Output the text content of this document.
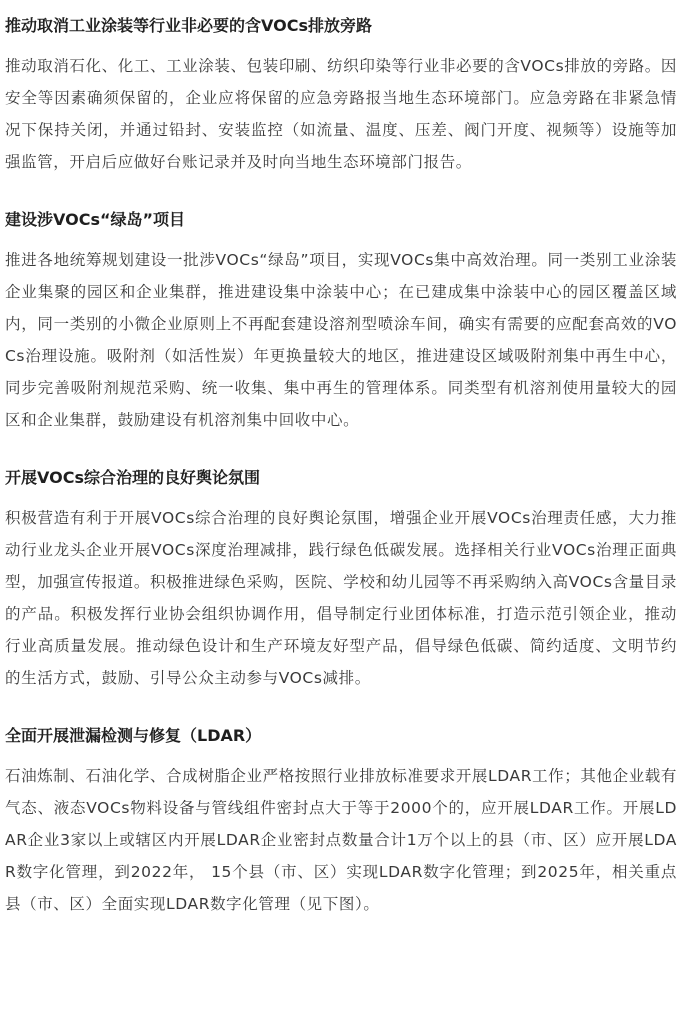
推动取消工业涂装等行业非必要的含VOCs排放旁路

推动取消石化、化工、工业涂装、包装印刷、纺织印染等行业非必要的含VOCs排放的旁路。因安全等因素确须保留的，企业应将保留的应急旁路报当地生态环境部门。应急旁路在非紧急情况下保持关闭，并通过铅封、安装监控（如流量、温度、压差、阀门开度、视频等）设施等加强监管，开启后应做好台账记录并及时向当地生态环境部门报告。

建设涉VOCs“绿岛”项目

推进各地统筹规划建设一批涉VOCs“绿岛”项目，实现VOCs集中高效治理。同一类别工业涂装企业集聚的园区和企业集群，推进建设集中涂装中心；在已建成集中涂装中心的园区覆盖区域内，同一类别的小微企业原则上不再配套建设溶剂型喷涂车间，确实有需要的应配套高效的VOCs治理设施。吸附剂（如活性炭）年更换量较大的地区，推进建设区域吸附剂集中再生中心，同步完善吸附剂规范采购、统一收集、集中再生的管理体系。同类型有机溶剂使用量较大的园区和企业集群，鼓励建设有机溶剂集中回收中心。

开展VOCs综合治理的良好舆论氛围

积极营造有利于开展VOCs综合治理的良好舆论氛围，增强企业开展VOCs治理责任感，大力推动行业龙头企业开展VOCs深度治理减排，践行绿色低碳发展。选择相关行业VOCs治理正面典型，加强宣传报道。积极推进绿色采购，医院、学校和幼儿园等不再采购纳入高VOCs含量目录的产品。积极发挥行业协会组织协调作用，倡导制定行业团体标准，打造示范引领企业，推动行业高质量发展。推动绿色设计和生产环境友好型产品，倡导绿色低碳、简约适度、文明节约的生活方式，鼓励、引导公众主动参与VOCs减排。

全面开展泄漏检测与修复（LDAR）

石油炼制、石油化学、合成树脂企业严格按照行业排放标准要求开展LDAR工作；其他企业载有气态、液态VOCs物料设备与管线组件密封点大于等于2000个的，应开展LDAR工作。开展LDAR企业3家以上或辖区内开展LDAR企业密封点数量合计1万个以上的县（市、区）应开展LDAR数字化管理，到2022年， 15个县（市、区）实现LDAR数字化管理；到2025年，相关重点县（市、区）全面实现LDAR数字化管理（见下图）。
